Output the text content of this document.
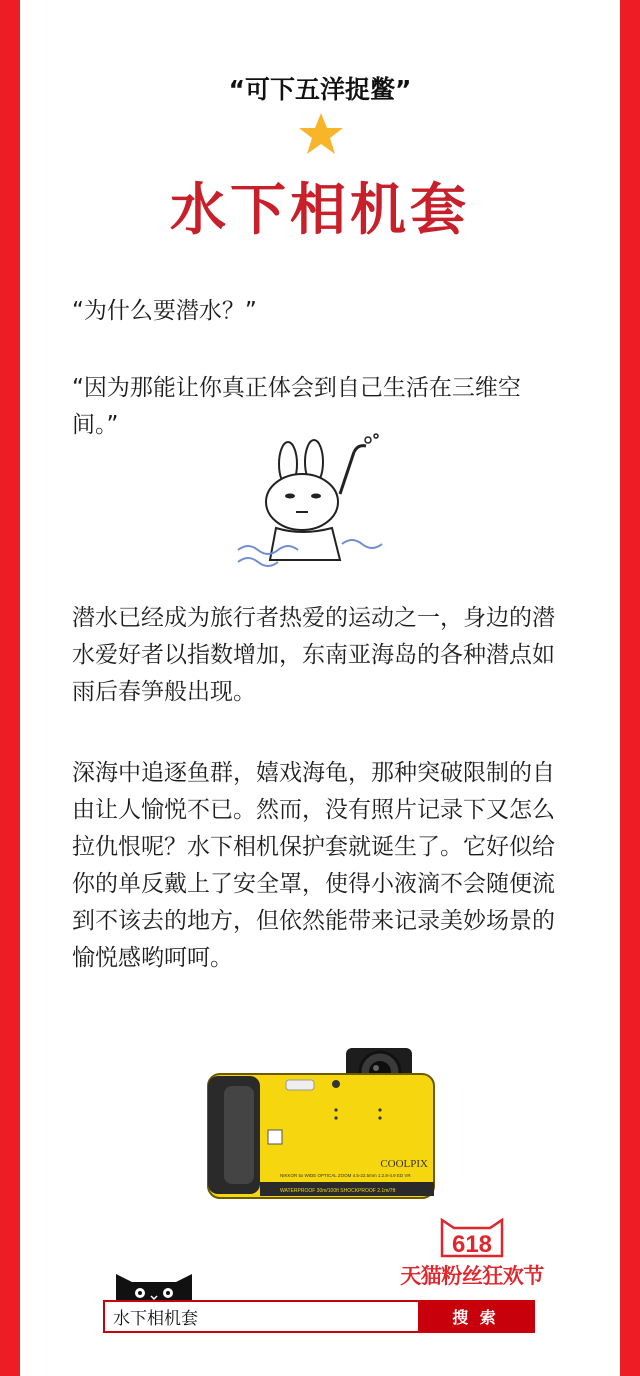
“可下五洋捉鳖”
水下相机套
“为什么要潜水？”
“因为那能让你真正体会到自己生活在三维空间。”
潜水已经成为旅行者热爱的运动之一，身边的潜水爱好者以指数增加，东南亚海岛的各种潜点如雨后春笋般出现。
深海中追逐鱼群，嬉戏海龟，那种突破限制的自由让人愉悦不已。然而，没有照片记录下又怎么拉仇恨呢？水下相机保护套就诞生了。它好似给你的单反戴上了安全罩，使得小液滴不会随便流到不该去的地方，但依然能带来记录美妙场景的愉悦感哟呵呵。
COOLPIX
NIKKOR 5x WIDE OPTICAL ZOOM 4.5-22.5mm 1:2.8-4.9 ED VR
WATERPROOF 30m/100ft SHOCKPROOF 2.1m/7ft
618
天猫粉丝狂欢节
水下相机套
搜 索
